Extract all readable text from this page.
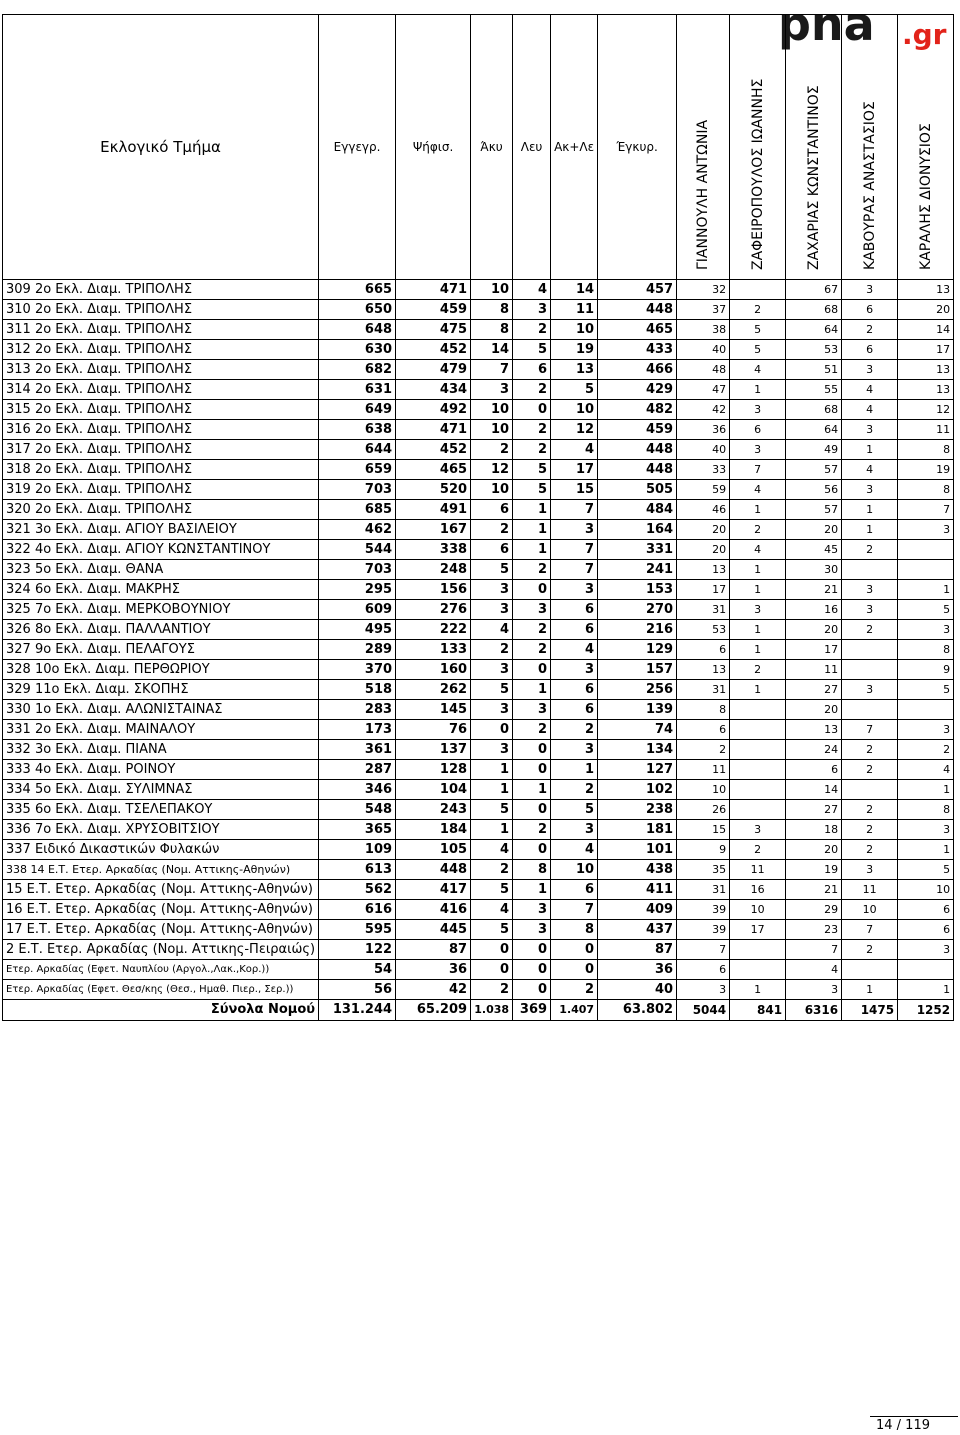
pna .gr
Εκλογικό Τμήμα	Εγγεγρ.	Ψήφισ.	Άκυ	Λευ	Ακ+Λε	Έγκυρ.	ΓΙΑΝΝΟΥΛΗ ΑΝΤΩΝΙΑ	ΖΑΦΕΙΡΟΠΟΥΛΟΣ ΙΩΑΝΝΗΣ	ΖΑΧΑΡΙΑΣ ΚΩΝΣΤΑΝΤΙΝΟΣ	ΚΑΒΟΥΡΑΣ ΑΝΑΣΤΑΣΙΟΣ	ΚΑΡΑΛΗΣ ΔΙΟΝΥΣΙΟΣ
309 2ο Εκλ. Διαμ. ΤΡΙΠΟΛΗΣ	665	471	10	4	14	457	32		67	3	13
310 2ο Εκλ. Διαμ. ΤΡΙΠΟΛΗΣ	650	459	8	3	11	448	37	2	68	6	20
311 2ο Εκλ. Διαμ. ΤΡΙΠΟΛΗΣ	648	475	8	2	10	465	38	5	64	2	14
312 2ο Εκλ. Διαμ. ΤΡΙΠΟΛΗΣ	630	452	14	5	19	433	40	5	53	6	17
313 2ο Εκλ. Διαμ. ΤΡΙΠΟΛΗΣ	682	479	7	6	13	466	48	4	51	3	13
314 2ο Εκλ. Διαμ. ΤΡΙΠΟΛΗΣ	631	434	3	2	5	429	47	1	55	4	13
315 2ο Εκλ. Διαμ. ΤΡΙΠΟΛΗΣ	649	492	10	0	10	482	42	3	68	4	12
316 2ο Εκλ. Διαμ. ΤΡΙΠΟΛΗΣ	638	471	10	2	12	459	36	6	64	3	11
317 2ο Εκλ. Διαμ. ΤΡΙΠΟΛΗΣ	644	452	2	2	4	448	40	3	49	1	8
318 2ο Εκλ. Διαμ. ΤΡΙΠΟΛΗΣ	659	465	12	5	17	448	33	7	57	4	19
319 2ο Εκλ. Διαμ. ΤΡΙΠΟΛΗΣ	703	520	10	5	15	505	59	4	56	3	8
320 2ο Εκλ. Διαμ. ΤΡΙΠΟΛΗΣ	685	491	6	1	7	484	46	1	57	1	7
321 3ο Εκλ. Διαμ. ΑΓΙΟΥ ΒΑΣΙΛΕΙΟΥ	462	167	2	1	3	164	20	2	20	1	3
322 4ο Εκλ. Διαμ. ΑΓΙΟΥ ΚΩΝΣΤΑΝΤΙΝΟΥ	544	338	6	1	7	331	20	4	45	2	
323 5ο Εκλ. Διαμ. ΘΑΝΑ	703	248	5	2	7	241	13	1	30		
324 6ο Εκλ. Διαμ. ΜΑΚΡΗΣ	295	156	3	0	3	153	17	1	21	3	1
325 7ο Εκλ. Διαμ. ΜΕΡΚΟΒΟΥΝΙΟΥ	609	276	3	3	6	270	31	3	16	3	5
326 8ο Εκλ. Διαμ. ΠΑΛΛΑΝΤΙΟΥ	495	222	4	2	6	216	53	1	20	2	3
327 9ο Εκλ. Διαμ. ΠΕΛΑΓΟΥΣ	289	133	2	2	4	129	6	1	17		8
328 10ο Εκλ. Διαμ. ΠΕΡΘΩΡΙΟΥ	370	160	3	0	3	157	13	2	11		9
329 11ο Εκλ. Διαμ. ΣΚΟΠΗΣ	518	262	5	1	6	256	31	1	27	3	5
330 1ο Εκλ. Διαμ. ΑΛΩΝΙΣΤΑΙΝΑΣ	283	145	3	3	6	139	8		20		
331 2ο Εκλ. Διαμ. ΜΑΙΝΑΛΟΥ	173	76	0	2	2	74	6		13	7	3
332 3ο Εκλ. Διαμ. ΠΙΑΝΑ	361	137	3	0	3	134	2		24	2	2
333 4ο Εκλ. Διαμ. ΡΟΙΝΟΥ	287	128	1	0	1	127	11		6	2	4
334 5ο Εκλ. Διαμ. ΣΥΛΙΜΝΑΣ	346	104	1	1	2	102	10		14		1
335 6ο Εκλ. Διαμ. ΤΣΕΛΕΠΑΚΟΥ	548	243	5	0	5	238	26		27	2	8
336 7ο Εκλ. Διαμ. ΧΡΥΣΟΒΙΤΣΙΟΥ	365	184	1	2	3	181	15	3	18	2	3
337 Ειδικό Δικαστικών Φυλακών	109	105	4	0	4	101	9	2	20	2	1
338 14 Ε.Τ. Ετερ. Αρκαδίας (Νομ. Αττικης-Αθηνών)	613	448	2	8	10	438	35	11	19	3	5
15 Ε.Τ. Ετερ. Αρκαδίας (Νομ. Αττικης-Αθηνών)	562	417	5	1	6	411	31	16	21	11	10
16 Ε.Τ. Ετερ. Αρκαδίας (Νομ. Αττικης-Αθηνών)	616	416	4	3	7	409	39	10	29	10	6
17 Ε.Τ. Ετερ. Αρκαδίας (Νομ. Αττικης-Αθηνών)	595	445	5	3	8	437	39	17	23	7	6
2 Ε.Τ. Ετερ. Αρκαδίας (Νομ. Αττικης-Πειραιώς)	122	87	0	0	0	87	7		7	2	3
Ετερ. Αρκαδίας (Εφετ. Ναυπλίου (Αργολ.,Λακ.,Κορ.))	54	36	0	0	0	36	6		4		
Ετερ. Αρκαδίας (Εφετ. Θεσ/κης (Θεσ., Ημαθ. Πιερ., Σερ.))	56	42	2	0	2	40	3	1	3	1	1
Σύνολα Νομού	131.244	65.209	1.038	369	1.407	63.802	5044	841	6316	1475	1252
14 / 119
